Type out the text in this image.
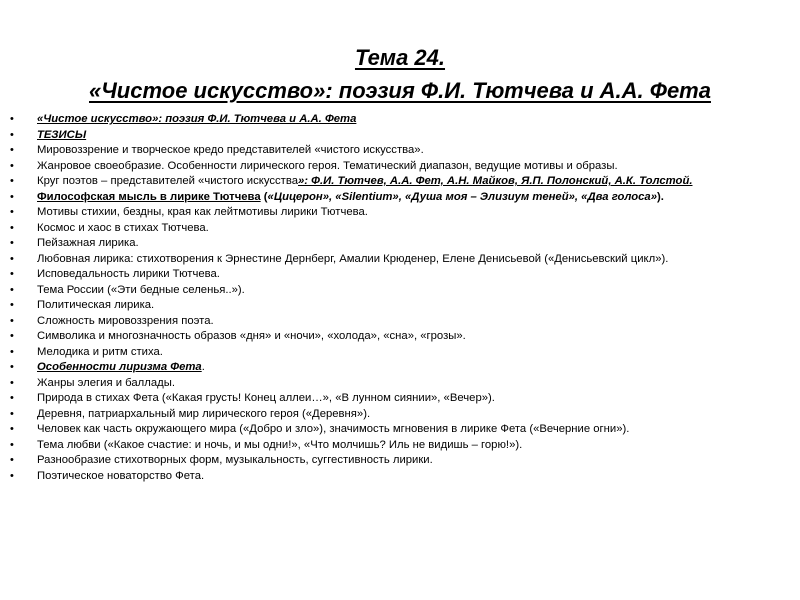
Тема 24.
«Чистое искусство»: поэзия Ф.И. Тютчева и А.А. Фета
• «Чистое искусство»: поэзия Ф.И. Тютчева и А.А. Фета
• ТЕЗИСЫ
• Мировоззрение и творческое кредо представителей «чистого искусства».
• Жанровое своеобразие. Особенности лирического героя. Тематический диапазон, ведущие мотивы и образы.
• Круг поэтов – представителей «чистого искусства»: Ф.И. Тютчев, А.А. Фет, А.Н. Майков, Я.П. Полонский, А.К. Толстой.
• Философская мысль в лирике Тютчева («Цицерон», «Silentium», «Душа моя – Элизиум теней», «Два голоса»).
• Мотивы стихии, бездны, края как лейтмотивы лирики Тютчева.
• Космос и хаос в стихах Тютчева.
• Пейзажная лирика.
• Любовная лирика: стихотворения к Эрнестине Дернберг, Амалии Крюденер, Елене Денисьевой («Денисьевский цикл»).
• Исповедальность лирики Тютчева.
• Тема России («Эти бедные селенья..»).
• Политическая лирика.
• Сложность мировоззрения поэта.
• Символика и многозначность образов «дня» и «ночи», «холода», «сна», «грозы».
• Мелодика и ритм стиха.
• Особенности лиризма Фета.
• Жанры элегия и баллады.
• Природа в стихах Фета («Какая грусть! Конец аллеи…», «В лунном сиянии», «Вечер»).
• Деревня, патриархальный мир лирического героя («Деревня»).
• Человек как часть окружающего мира («Добро и зло»), значимость мгновения в лирике Фета («Вечерние огни»).
• Тема любви («Какое счастие: и ночь, и мы одни!», «Что молчишь? Иль не видишь – горю!»).
• Разнообразие стихотворных форм, музыкальность, суггестивность лирики.
• Поэтическое новаторство Фета.
